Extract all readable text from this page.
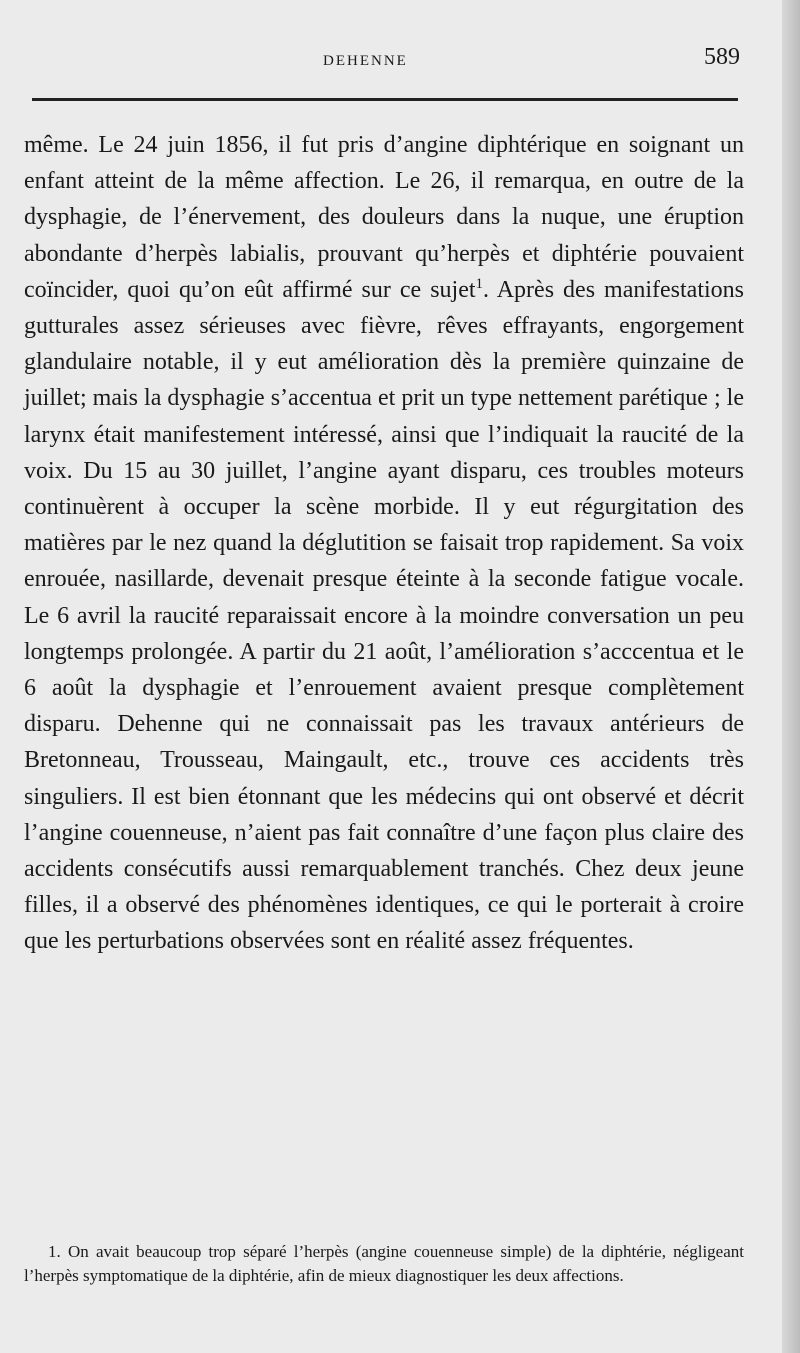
DEHENNE	589

même. Le 24 juin 1856, il fut pris d’angine diphtérique en soignant un enfant atteint de la même affection. Le 26, il remarqua, en outre de la dysphagie, de l’énervement, des douleurs dans la nuque, une éruption abondante d’herpès labialis, prouvant qu’herpès et diphtérie pouvaient coïncider, quoi qu’on eût affirmé sur ce sujet$^1$. Après des manifestations gutturales assez sérieuses avec fièvre, rêves effrayants, engorgement glandulaire notable, il y eut amélioration dès la première quinzaine de juillet; mais la dysphagie s’accentua et prit un type nettement parétique ; le larynx était manifestement intéressé, ainsi que l’indiquait la raucité de la voix. Du 15 au 30 juillet, l’angine ayant disparu, ces troubles moteurs continuèrent à occuper la scène morbide. Il y eut régurgitation des matières par le nez quand la déglutition se faisait trop rapidement. Sa voix enrouée, nasillarde, devenait presque éteinte à la seconde fatigue vocale. Le 6 avril la raucité reparaissait encore à la moindre conversation un peu longtemps prolongée. A partir du 21 août, l’amélioration s’acccentua et le 6 août la dysphagie et l’enrouement avaient presque complètement disparu. Dehenne qui ne connaissait pas les travaux antérieurs de Bretonneau, Trousseau, Maingault, etc., trouve ces accidents très singuliers. Il est bien étonnant que les médecins qui ont observé et décrit l’angine couenneuse, n’aient pas fait connaître d’une façon plus claire des accidents consécutifs aussi remarquablement tranchés. Chez deux jeune filles, il a observé des phénomènes identiques, ce qui le porterait à croire que les perturbations observées sont en réalité assez fréquentes.

1. On avait beaucoup trop séparé l’herpès (angine couenneuse simple) de la diphtérie, négligeant l’herpès symptomatique de la diphtérie, afin de mieux diagnostiquer les deux affections.
